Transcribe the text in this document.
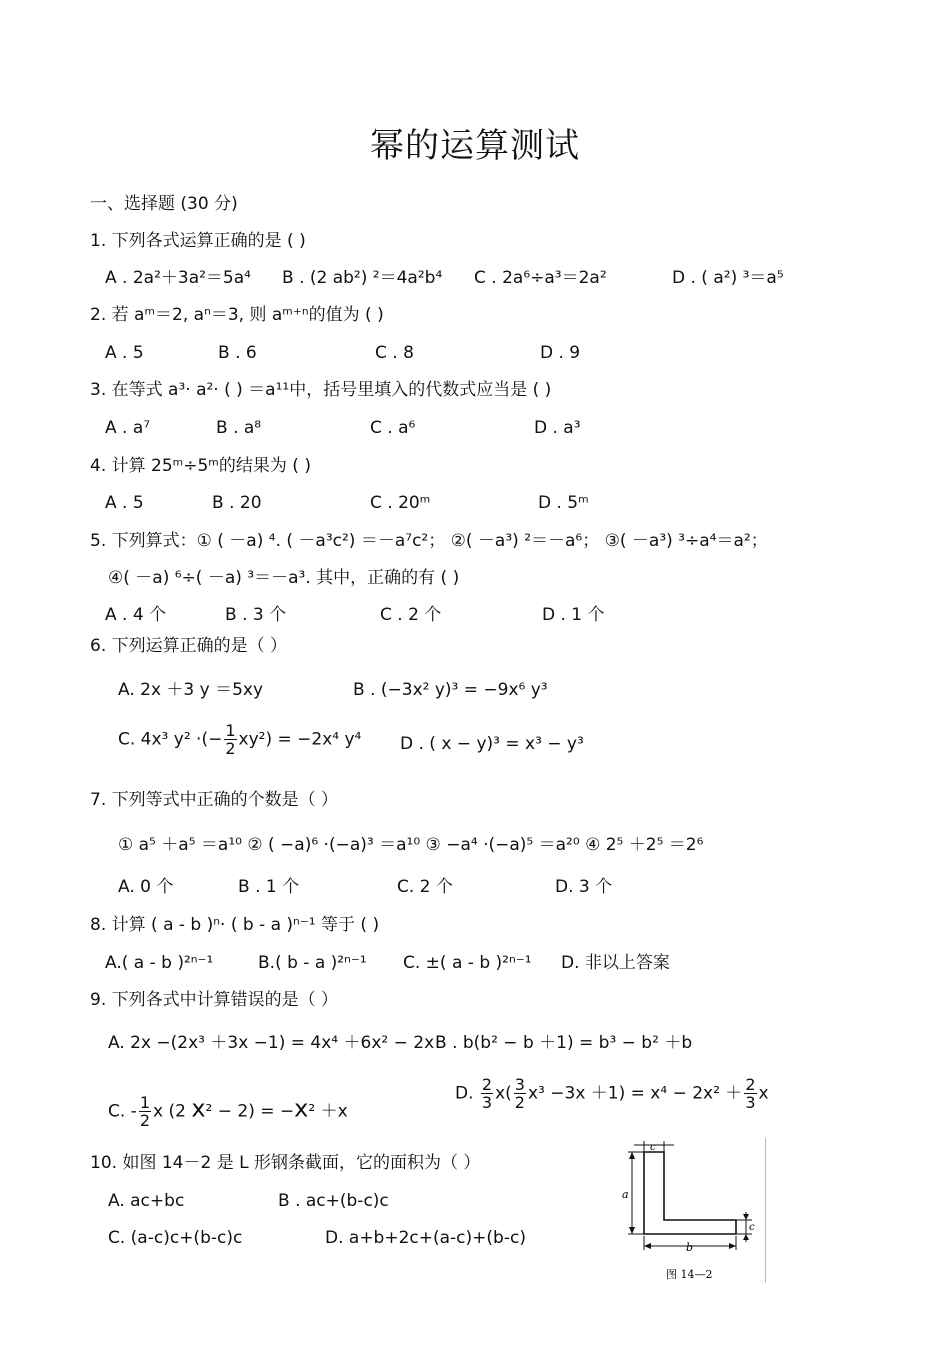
幂的运算测试
一、选择题 (30 分)
1. 下列各式运算正确的是 ( )
A . 2a²＋3a²＝5a⁴ B . (2 ab²) ²＝4a²b⁴ C . 2a⁶÷a³＝2a²	D . ( a²) ³＝a⁵
2. 若 aᵐ＝2, aⁿ＝3, 则 aᵐ⁺ⁿ的值为 ( )
A . 5	B . 6	C . 8	D . 9
3. 在等式 a³· a²· ( ) ＝a¹¹中，括号里填入的代数式应当是 ( )
A . a⁷	B . a⁸	C . a⁶	D . a³
4. 计算 25ᵐ÷5ᵐ的结果为 ( )
A . 5	B . 20	C . 20ᵐ	D . 5ᵐ
5. 下列算式：① ( －a) ⁴. ( －a³c²) ＝－a⁷c²； ②( －a³) ²＝－a⁶； ③( －a³) ³÷a⁴＝a²；
④( －a) ⁶÷( －a) ³＝－a³. 其中，正确的有 ( )
A . 4 个	B . 3 个	C . 2 个	D . 1 个
6. 下列运算正确的是（ ）
A. 2x ＋3 y ＝5xy	B . (−3x² y)³ = −9x⁶ y³
C. 4x³ y² ·(− $\frac{1}{2} xy^2) = -2x^4$ y⁴ D . ( x − y)³ = x³ − y³
7. 下列等式中正确的个数是（ ）
① a⁵ ＋a⁵ ＝a¹⁰ ② ( −a)⁶ ·(−a)³ ＝a¹⁰ ③ −a⁴ ·(−a)⁵ ＝a²⁰ ④ 2⁵ ＋2⁵ ＝2⁶
A. 0 个	B . 1 个	C. 2 个	D. 3 个
8. 计算 ( a - b )ⁿ· ( b - a )ⁿ⁻¹ 等于 ( )
A.( a - b )²ⁿ⁻¹	B.( b - a )²ⁿ⁻¹ C. ±( a - b )²ⁿ⁻¹ D. 非以上答案
9. 下列各式中计算错误的是（ ）
A. 2x −(2x³ ＋3x −1) = 4x⁴ ＋6x² − 2x B . b(b² − b ＋1) = b³ − b² ＋b
C. - $\frac{1}{2}$ x (2 x² − 2) = −x² ＋x
D. $\frac{2}{3} x( \frac{3}{2} x^3 -3x +1) = x^4 - 2x^2 + \frac{2}{3}$ x
10. 如图 14－2 是 L 形钢条截面，它的面积为（ ）
A. ac+bc	B . ac+(b-c)c
C. (a-c)c+(b-c)c	D. a+b+2c+(a-c)+(b-c)
c
a
b
c
图 14—2
